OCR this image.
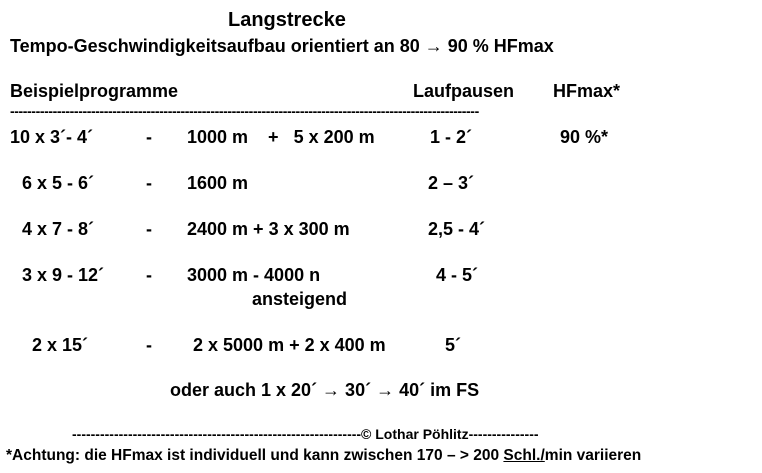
Langstrecke
Tempo-Geschwindigkeitsaufbau orientiert an 80 → 90 % HFmax
Beispielprogramme	Laufpausen HFmax*
--------------------------------------------------------------------------------------------------------------
10 x 3´- 4´	- 1000 m    +   5 x 200 m	1 - 2´	90 %*
6 x 5 - 6´	- 1600 m	2 – 3´
4 x 7 - 8´	- 2400 m + 3 x 300 m	2,5 - 4´
3 x 9 - 12´ - 3000 m - 4000 n	4 - 5´
ansteigend
2 x 15´	- 2 x 5000 m + 2 x 400 m	5´
oder auch 1 x 20´ → 30´ → 40´ im FS
--------------------------------------------------------------© Lothar Pöhlitz---------------
*Achtung: die HFmax ist individuell und kann zwischen 170 – > 200 Schl./min variieren
